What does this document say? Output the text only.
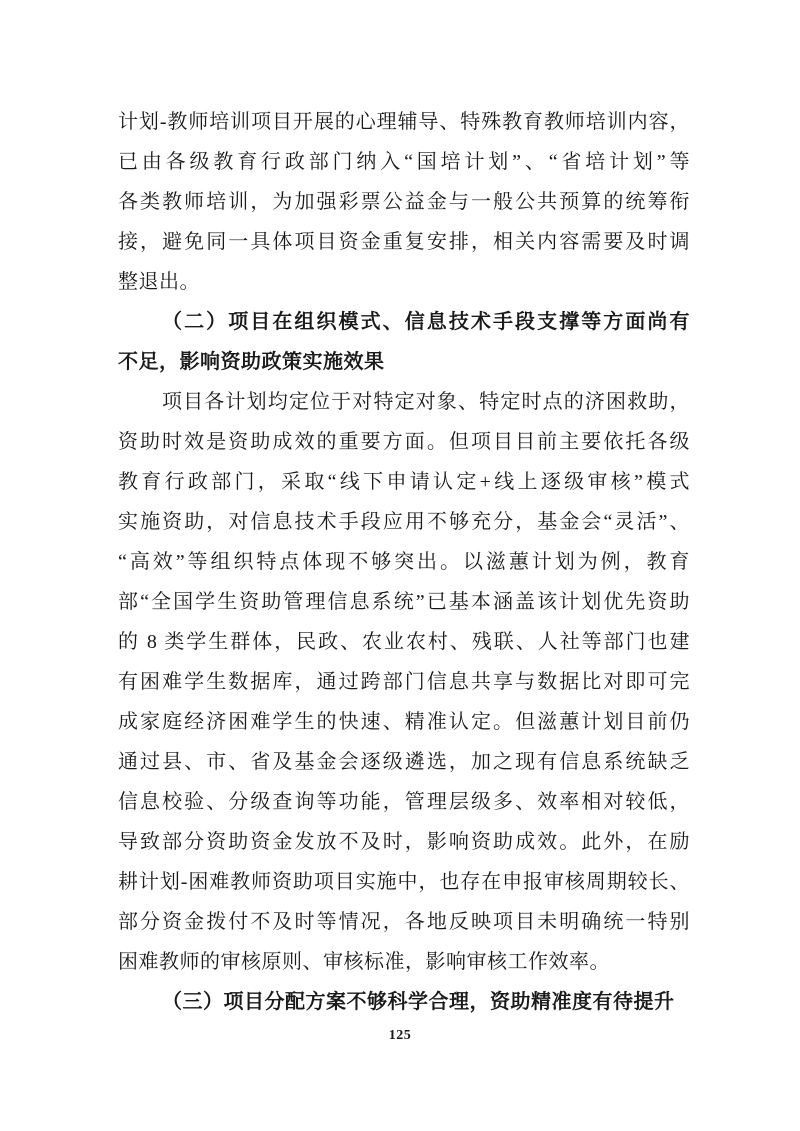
计划-教师培训项目开展的心理辅导、特殊教育教师培训内容，
已由各级教育行政部门纳入“国培计划”、“省培计划”等
各类教师培训，为加强彩票公益金与一般公共预算的统筹衔
接，避免同一具体项目资金重复安排，相关内容需要及时调
整退出。
（二）项目在组织模式、信息技术手段支撑等方面尚有
不足，影响资助政策实施效果
项目各计划均定位于对特定对象、特定时点的济困救助，
资助时效是资助成效的重要方面。但项目目前主要依托各级
教育行政部门，采取“线下申请认定+线上逐级审核”模式
实施资助，对信息技术手段应用不够充分，基金会“灵活”、
“高效”等组织特点体现不够突出。以滋蕙计划为例，教育
部“全国学生资助管理信息系统”已基本涵盖该计划优先资助
的 8 类学生群体，民政、农业农村、残联、人社等部门也建
有困难学生数据库，通过跨部门信息共享与数据比对即可完
成家庭经济困难学生的快速、精准认定。但滋蕙计划目前仍
通过县、市、省及基金会逐级遴选，加之现有信息系统缺乏
信息校验、分级查询等功能，管理层级多、效率相对较低，
导致部分资助资金发放不及时，影响资助成效。此外，在励
耕计划-困难教师资助项目实施中，也存在申报审核周期较长、
部分资金拨付不及时等情况，各地反映项目未明确统一特别
困难教师的审核原则、审核标准，影响审核工作效率。
（三）项目分配方案不够科学合理，资助精准度有待提升
125
